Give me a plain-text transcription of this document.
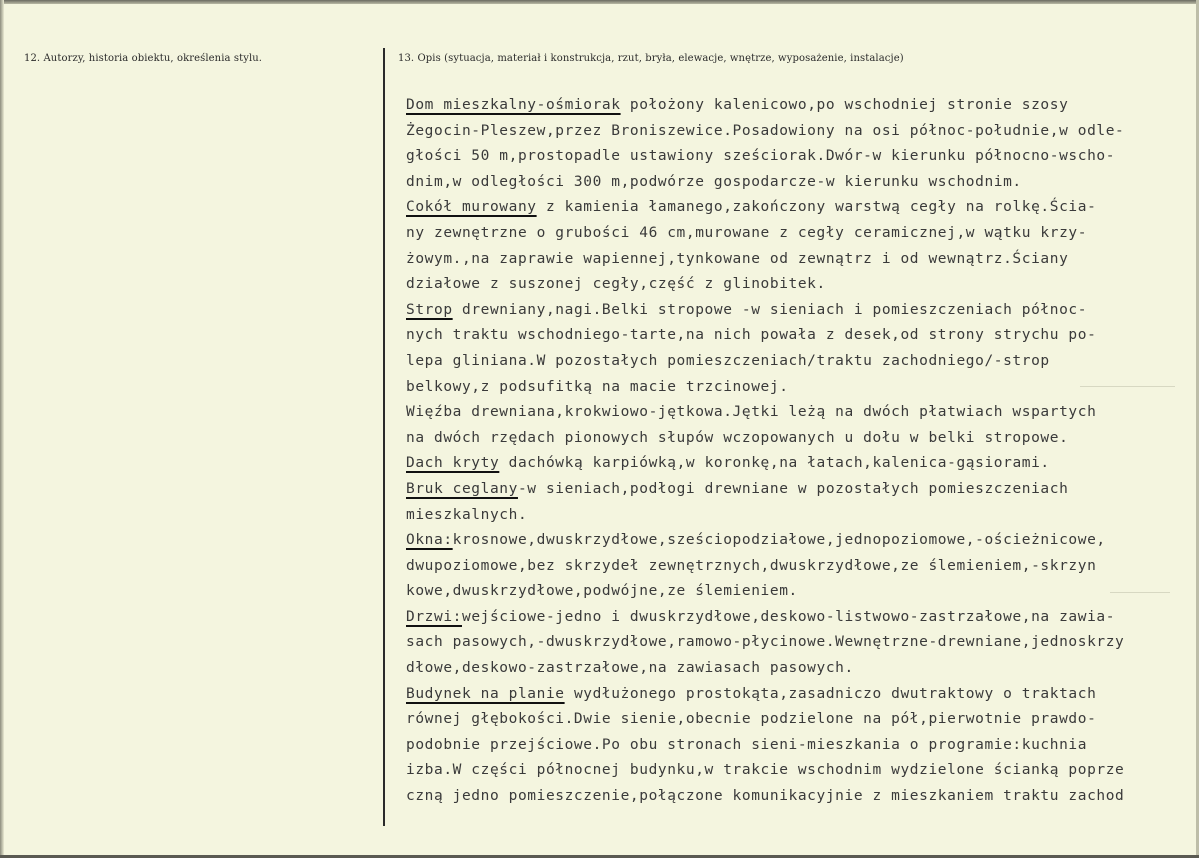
12. Autorzy, historia obiektu, określenia stylu.	13. Opis (sytuacja, materiał i konstrukcja, rzut, bryła, elewacje, wnętrze, wyposażenie, instalacje)
Dom mieszkalny-ośmiorak położony kalenicowo,po wschodniej stronie szosy
Żegocin-Pleszew,przez Broniszewice.Posadowiony na osi północ-południe,w odle-
głości 50 m,prostopadle ustawiony sześciorak.Dwór-w kierunku północno-wscho-
dnim,w odległości 300 m,podwórze gospodarcze-w kierunku wschodnim.
Cokół murowany z kamienia łamanego,zakończony warstwą cegły na rolkę.Ścia-
ny zewnętrzne o grubości 46 cm,murowane z cegły ceramicznej,w wątku krzy-
żowym.,na zaprawie wapiennej,tynkowane od zewnątrz i od wewnątrz.Ściany
działowe z suszonej cegły,część z glinobitek.
Strop drewniany,nagi.Belki stropowe -w sieniach i pomieszczeniach północ-
nych traktu wschodniego-tarte,na nich powała z desek,od strony strychu po-
lepa gliniana.W pozostałych pomieszczeniach/traktu zachodniego/-strop
belkowy,z podsufitką na macie trzcinowej.
Więźba drewniana,krokwiowo-jętkowa.Jętki leżą na dwóch płatwiach wspartych
na dwóch rzędach pionowych słupów wczopowanych u dołu w belki stropowe.
Dach kryty dachówką karpiówką,w koronkę,na łatach,kalenica-gąsiorami.
Bruk ceglany-w sieniach,podłogi drewniane w pozostałych pomieszczeniach
mieszkalnych.
Okna:krosnowe,dwuskrzydłowe,sześciopodziałowe,jednopoziomowe,-ościeżnicowe,
dwupoziomowe,bez skrzydeł zewnętrznych,dwuskrzydłowe,ze ślemieniem,-skrzyn
kowe,dwuskrzydłowe,podwójne,ze ślemieniem.
Drzwi:wejściowe-jedno i dwuskrzydłowe,deskowo-listwowo-zastrzałowe,na zawia-
sach pasowych,-dwuskrzydłowe,ramowo-płycinowe.Wewnętrzne-drewniane,jednoskrzy
dłowe,deskowo-zastrzałowe,na zawiasach pasowych.
Budynek na planie wydłużonego prostokąta,zasadniczo dwutraktowy o traktach
równej głębokości.Dwie sienie,obecnie podzielone na pół,pierwotnie prawdo-
podobnie przejściowe.Po obu stronach sieni-mieszkania o programie:kuchnia
izba.W części północnej budynku,w trakcie wschodnim wydzielone ścianką poprze
czną jedno pomieszczenie,połączone komunikacyjnie z mieszkaniem traktu zachod
